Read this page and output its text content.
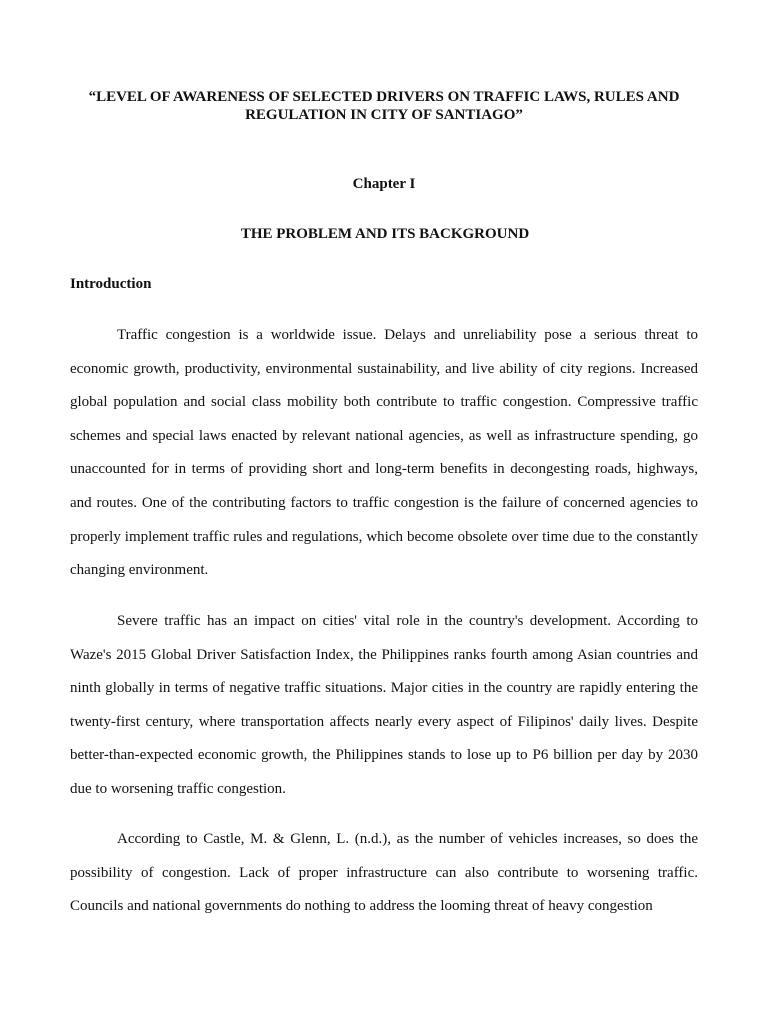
“LEVEL OF AWARENESS OF SELECTED DRIVERS ON TRAFFIC LAWS, RULES AND
REGULATION IN CITY OF SANTIAGO”
Chapter I
THE PROBLEM AND ITS BACKGROUND
Introduction

Traffic congestion is a worldwide issue. Delays and unreliability pose a serious threat to economic growth, productivity, environmental sustainability, and live ability of city regions. Increased global population and social class mobility both contribute to traffic congestion. Compressive traffic schemes and special laws enacted by relevant national agencies, as well as infrastructure spending, go unaccounted for in terms of providing short and long-term benefits in decongesting roads, highways, and routes. One of the contributing factors to traffic congestion is the failure of concerned agencies to properly implement traffic rules and regulations, which become obsolete over time due to the constantly changing environment.

Severe traffic has an impact on cities' vital role in the country's development. According to Waze's 2015 Global Driver Satisfaction Index, the Philippines ranks fourth among Asian countries and ninth globally in terms of negative traffic situations. Major cities in the country are rapidly entering the twenty-first century, where transportation affects nearly every aspect of Filipinos' daily lives. Despite better-than-expected economic growth, the Philippines stands to lose up to P6 billion per day by 2030 due to worsening traffic congestion.

According to Castle, M. & Glenn, L. (n.d.), as the number of vehicles increases, so does the possibility of congestion. Lack of proper infrastructure can also contribute to worsening traffic. Councils and national governments do nothing to address the looming threat of heavy congestion
